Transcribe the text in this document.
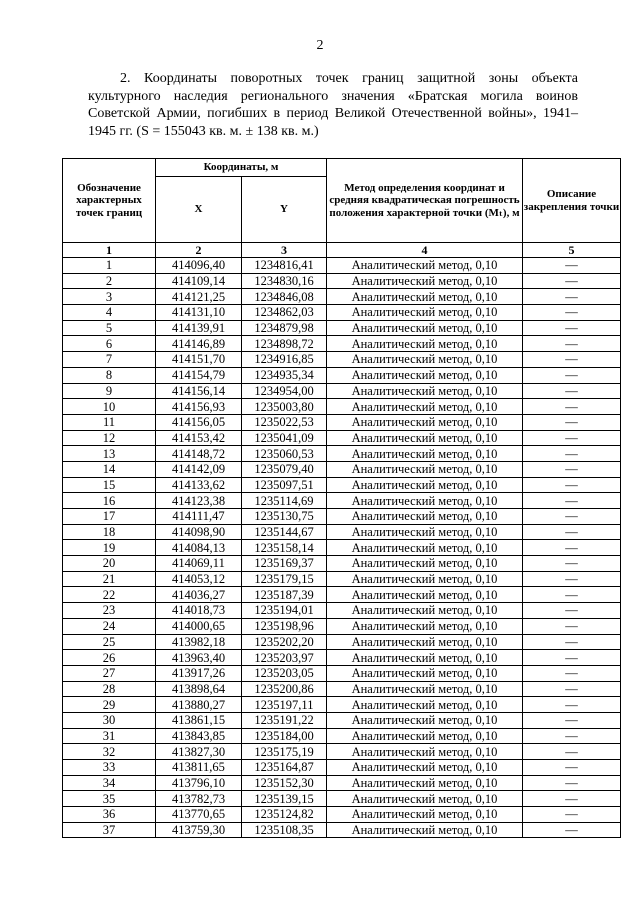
2
2. Координаты поворотных точек границ защитной зоны объекта культурного наследия регионального значения «Братская могила воинов Советской Армии, погибших в период Великой Отечественной войны», 1941–1945 гг. (S = 155043 кв. м. ± 138 кв. м.)
Обозначение характерных точек границ	Координаты, м		Метод определения координат и средняя квадратическая погрешность положения характерной точки (Mₜ), м	Описание закрепления точки
	X	Y		
1	2	3	4	5
1	414096,40	1234816,41	Аналитический метод, 0,10	—
2	414109,14	1234830,16	Аналитический метод, 0,10	—
3	414121,25	1234846,08	Аналитический метод, 0,10	—
4	414131,10	1234862,03	Аналитический метод, 0,10	—
5	414139,91	1234879,98	Аналитический метод, 0,10	—
6	414146,89	1234898,72	Аналитический метод, 0,10	—
7	414151,70	1234916,85	Аналитический метод, 0,10	—
8	414154,79	1234935,34	Аналитический метод, 0,10	—
9	414156,14	1234954,00	Аналитический метод, 0,10	—
10	414156,93	1235003,80	Аналитический метод, 0,10	—
11	414156,05	1235022,53	Аналитический метод, 0,10	—
12	414153,42	1235041,09	Аналитический метод, 0,10	—
13	414148,72	1235060,53	Аналитический метод, 0,10	—
14	414142,09	1235079,40	Аналитический метод, 0,10	—
15	414133,62	1235097,51	Аналитический метод, 0,10	—
16	414123,38	1235114,69	Аналитический метод, 0,10	—
17	414111,47	1235130,75	Аналитический метод, 0,10	—
18	414098,90	1235144,67	Аналитический метод, 0,10	—
19	414084,13	1235158,14	Аналитический метод, 0,10	—
20	414069,11	1235169,37	Аналитический метод, 0,10	—
21	414053,12	1235179,15	Аналитический метод, 0,10	—
22	414036,27	1235187,39	Аналитический метод, 0,10	—
23	414018,73	1235194,01	Аналитический метод, 0,10	—
24	414000,65	1235198,96	Аналитический метод, 0,10	—
25	413982,18	1235202,20	Аналитический метод, 0,10	—
26	413963,40	1235203,97	Аналитический метод, 0,10	—
27	413917,26	1235203,05	Аналитический метод, 0,10	—
28	413898,64	1235200,86	Аналитический метод, 0,10	—
29	413880,27	1235197,11	Аналитический метод, 0,10	—
30	413861,15	1235191,22	Аналитический метод, 0,10	—
31	413843,85	1235184,00	Аналитический метод, 0,10	—
32	413827,30	1235175,19	Аналитический метод, 0,10	—
33	413811,65	1235164,87	Аналитический метод, 0,10	—
34	413796,10	1235152,30	Аналитический метод, 0,10	—
35	413782,73	1235139,15	Аналитический метод, 0,10	—
36	413770,65	1235124,82	Аналитический метод, 0,10	—
37	413759,30	1235108,35	Аналитический метод, 0,10	—
